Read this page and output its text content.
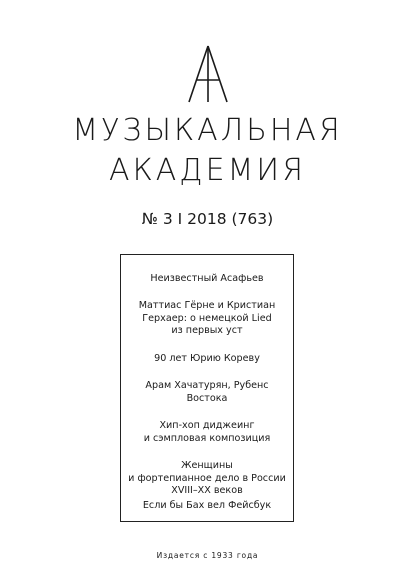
МУЗЫКАЛЬНАЯ
АКАДЕМИЯ
№ 3 I 2018 (763)
Неизвестный Асафьев
Маттиас Гёрне и Кристиан
Герхаер: о немецкой Lied
из первых уст
90 лет Юрию Кореву
Арам Хачатурян, Рубенс
Востока
Хип-хоп диджеинг
и сэмпловая композиция
Женщины
и фортепианное дело в России
XVIII–XX веков
Если бы Бах вел Фейсбук
Издается с 1933 года
